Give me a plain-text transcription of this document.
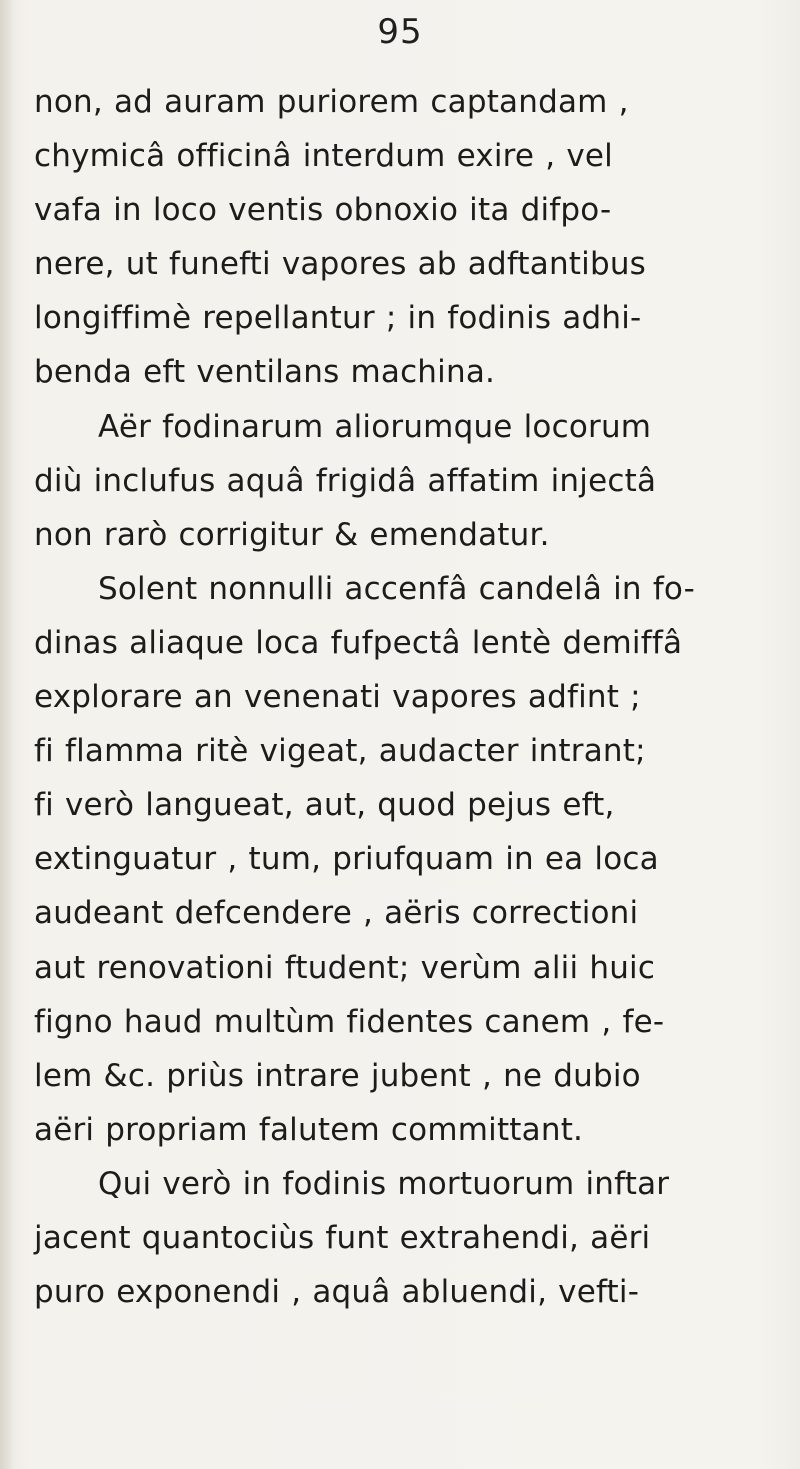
95
non, ad auram puriorem captandam ,
chymicâ officinâ interdum exire , vel
vafa in loco ventis obnoxio ita difpo-
nere, ut funefti vapores ab adftantibus
longiffimè repellantur ; in fodinis adhi-
benda eft ventilans machina.
Aër fodinarum aliorumque locorum
diù inclufus aquâ frigidâ affatim injectâ
non rarò corrigitur & emendatur.
Solent nonnulli accenfâ candelâ in fo-
dinas aliaque loca fufpectâ lentè demiffâ
explorare an venenati vapores adfint ;
fi flamma ritè vigeat, audacter intrant;
fi verò langueat, aut, quod pejus eft,
extinguatur , tum, priufquam in ea loca
audeant defcendere , aëris correctioni
aut renovationi ftudent; verùm alii huic
figno haud multùm fidentes canem , fe-
lem &c. priùs intrare jubent , ne dubio
aëri propriam falutem committant.
Qui verò in fodinis mortuorum inftar
jacent quantociùs funt extrahendi, aëri
puro exponendi , aquâ abluendi, vefti-
